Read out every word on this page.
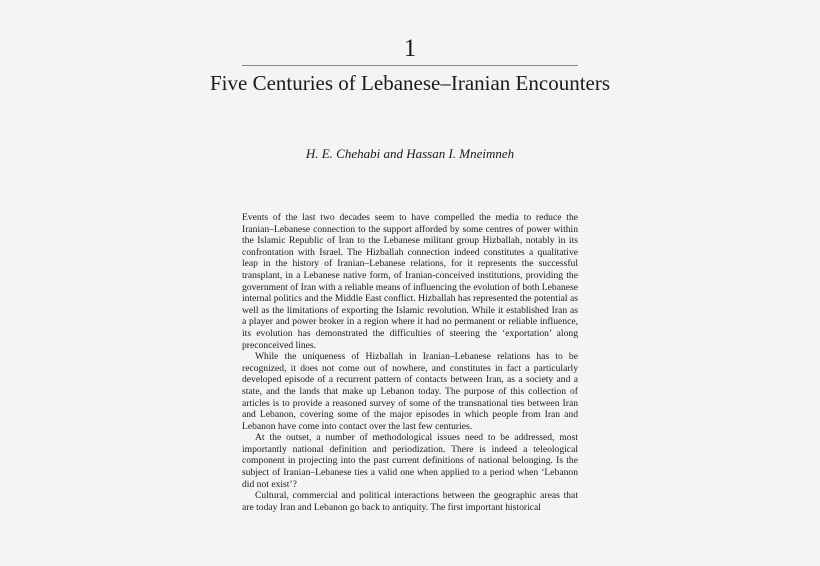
1
Five Centuries of Lebanese–Iranian Encounters
H. E. Chehabi and Hassan I. Mneimneh

Events of the last two decades seem to have compelled the media to reduce the Iranian–Lebanese connection to the support afforded by some centres of power within the Islamic Republic of Iran to the Lebanese militant group Hizballah, notably in its confrontation with Israel. The Hizballah connection indeed constitutes a qualitative leap in the history of Iranian–Lebanese relations, for it represents the successful transplant, in a Lebanese native form, of Iranian-conceived institutions, providing the government of Iran with a reliable means of influencing the evolution of both Lebanese internal politics and the Middle East conflict. Hizballah has represented the potential as well as the limitations of exporting the Islamic revolution. While it established Iran as a player and power broker in a region where it had no permanent or reliable influence, its evolution has demonstrated the difficulties of steering the ‘exportation’ along preconceived lines.

While the uniqueness of Hizballah in Iranian–Lebanese relations has to be recognized, it does not come out of nowhere, and constitutes in fact a particularly developed episode of a recurrent pattern of contacts between Iran, as a society and a state, and the lands that make up Lebanon today. The purpose of this collection of articles is to provide a reasoned survey of some of the transnational ties between Iran and Lebanon, covering some of the major episodes in which people from Iran and Lebanon have come into contact over the last few centuries.

At the outset, a number of methodological issues need to be addressed, most importantly national definition and periodization. There is indeed a teleological component in projecting into the past current definitions of national belonging. Is the subject of Iranian–Lebanese ties a valid one when applied to a period when ‘Lebanon did not exist’?

Cultural, commercial and political interactions between the geographic areas that are today Iran and Lebanon go back to antiquity. The first important historical
